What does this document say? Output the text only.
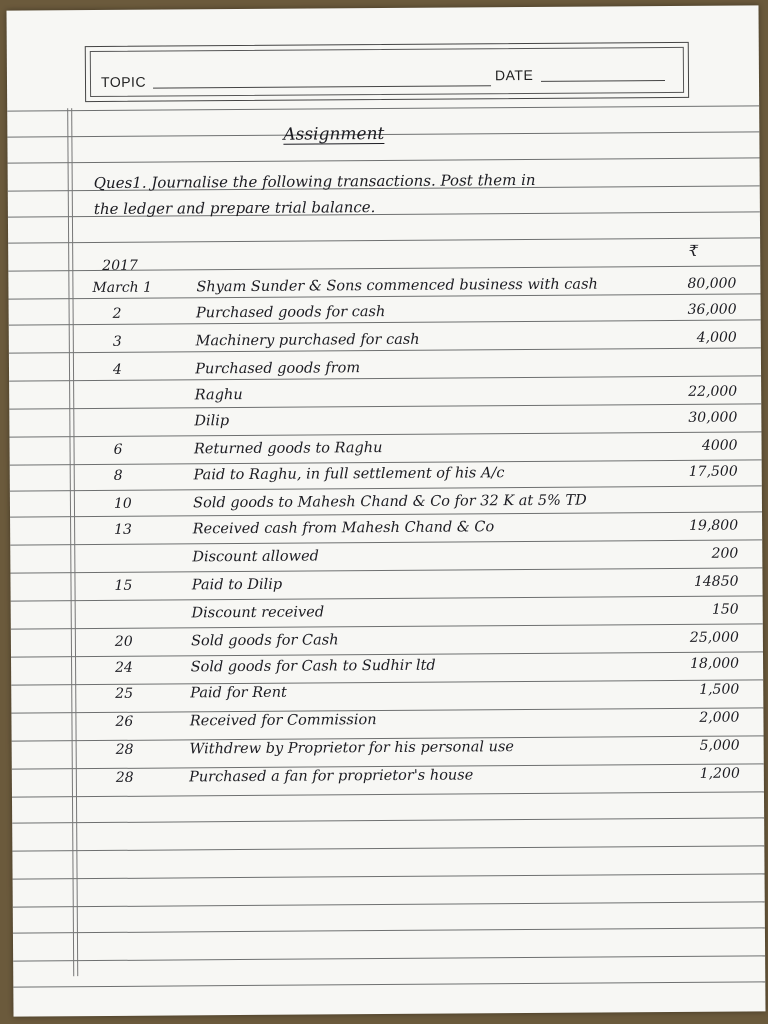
TOPIC	DATE
Assignment
Ques1. Journalise the following transactions. Post them in
the ledger and prepare trial balance.
2017
₹
March 1	Shyam Sunder & Sons commenced business with cash	80,000
2	Purchased goods for cash	36,000
3	Machinery purchased for cash	4,000
4	Purchased goods from
Raghu	22,000
Dilip	30,000
6	Returned goods to Raghu	4000
8	Paid to Raghu, in full settlement of his A/c	17,500
10	Sold goods to Mahesh Chand & Co for 32 K at 5% TD
13	Received cash from Mahesh Chand & Co	19,800
Discount allowed	200
15	Paid to Dilip	14850
Discount received	150
20	Sold goods for Cash	25,000
24	Sold goods for Cash to Sudhir ltd	18,000
25	Paid for Rent	1,500
26	Received for Commission	2,000
28	Withdrew by Proprietor for his personal use	5,000
28	Purchased a fan for proprietor's house	1,200
